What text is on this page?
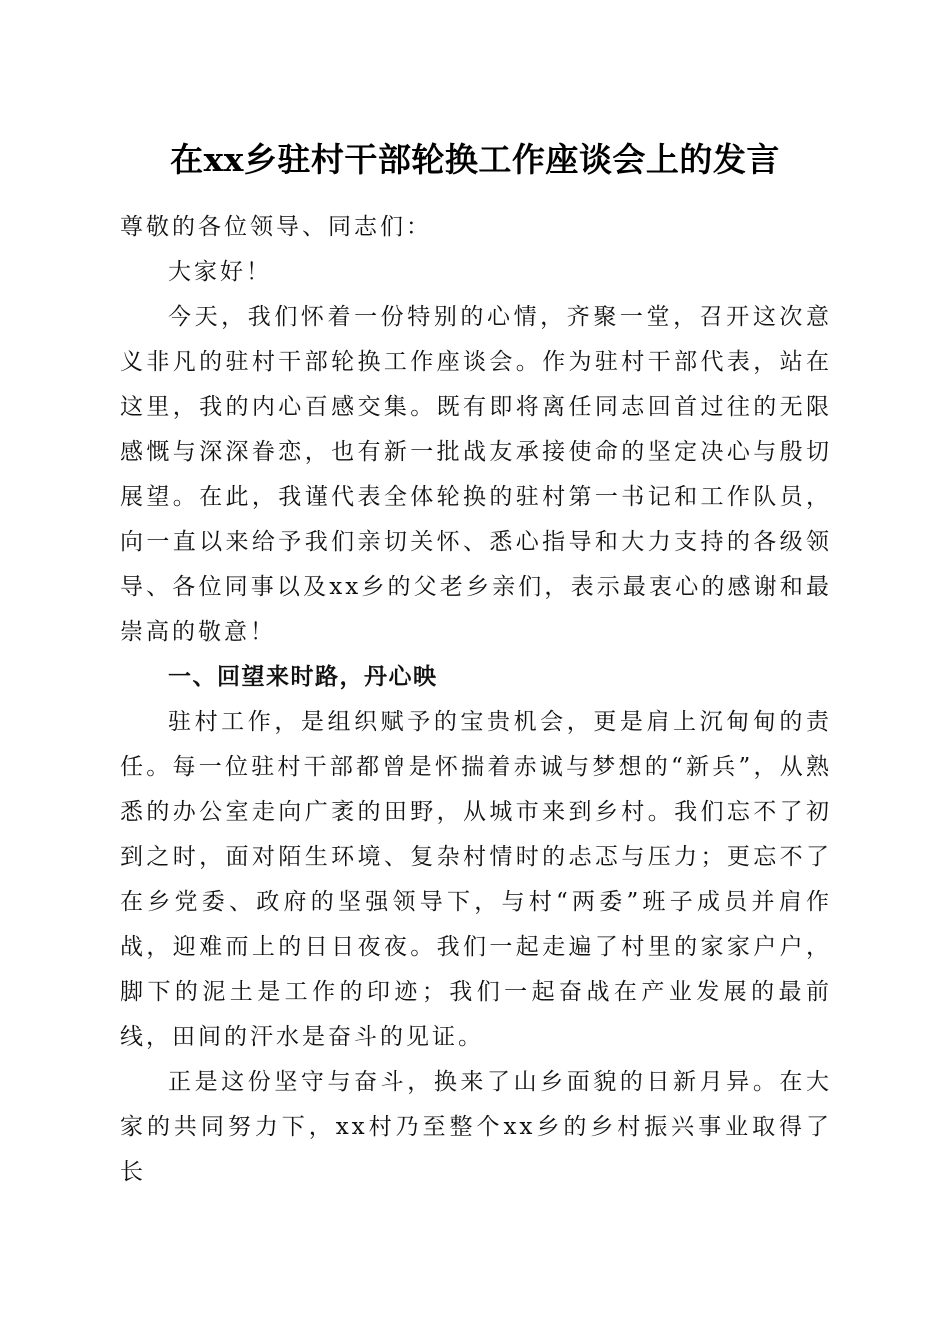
在xx乡驻村干部轮换工作座谈会上的发言

尊敬的各位领导、同志们：

大家好！

今天，我们怀着一份特别的心情，齐聚一堂，召开这次意义非凡的驻村干部轮换工作座谈会。作为驻村干部代表，站在这里，我的内心百感交集。既有即将离任同志回首过往的无限感慨与深深眷恋，也有新一批战友承接使命的坚定决心与殷切展望。在此，我谨代表全体轮换的驻村第一书记和工作队员，向一直以来给予我们亲切关怀、悉心指导和大力支持的各级领导、各位同事以及xx乡的父老乡亲们，表示最衷心的感谢和最崇高的敬意！

一、回望来时路，丹心映

驻村工作，是组织赋予的宝贵机会，更是肩上沉甸甸的责任。每一位驻村干部都曾是怀揣着赤诚与梦想的“新兵”，从熟悉的办公室走向广袤的田野，从城市来到乡村。我们忘不了初到之时，面对陌生环境、复杂村情时的忐忑与压力；更忘不了在乡党委、政府的坚强领导下，与村“两委”班子成员并肩作战，迎难而上的日日夜夜。我们一起走遍了村里的家家户户，脚下的泥土是工作的印迹；我们一起奋战在产业发展的最前线，田间的汗水是奋斗的见证。

正是这份坚守与奋斗，换来了山乡面貌的日新月异。在大家的共同努力下，xx村乃至整个xx乡的乡村振兴事业取得了长
